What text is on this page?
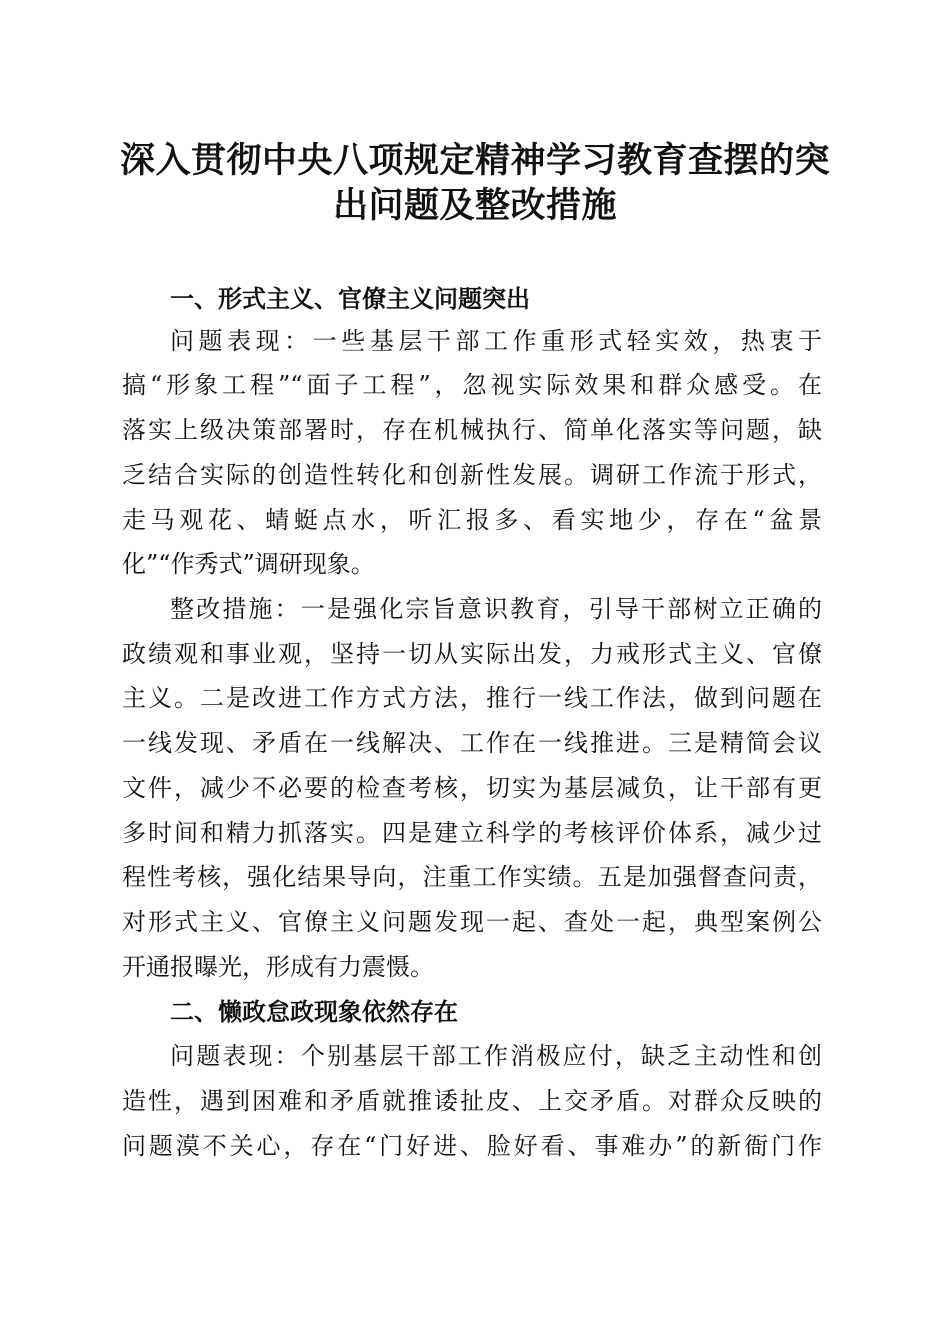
深入贯彻中央八项规定精神学习教育查摆的突
出问题及整改措施
一、形式主义、官僚主义问题突出
问题表现：一些基层干部工作重形式轻实效，热衷于
搞“形象工程”“面子工程”，忽视实际效果和群众感受。在
落实上级决策部署时，存在机械执行、简单化落实等问题，缺
乏结合实际的创造性转化和创新性发展。调研工作流于形式，
走马观花、蜻蜓点水，听汇报多、看实地少，存在“盆景
化”“作秀式”调研现象。
整改措施：一是强化宗旨意识教育，引导干部树立正确的
政绩观和事业观，坚持一切从实际出发，力戒形式主义、官僚
主义。二是改进工作方式方法，推行一线工作法，做到问题在
一线发现、矛盾在一线解决、工作在一线推进。三是精简会议
文件，减少不必要的检查考核，切实为基层减负，让干部有更
多时间和精力抓落实。四是建立科学的考核评价体系，减少过
程性考核，强化结果导向，注重工作实绩。五是加强督查问责，
对形式主义、官僚主义问题发现一起、查处一起，典型案例公
开通报曝光，形成有力震慑。
二、懒政怠政现象依然存在
问题表现：个别基层干部工作消极应付，缺乏主动性和创
造性，遇到困难和矛盾就推诿扯皮、上交矛盾。对群众反映的
问题漠不关心，存在“门好进、脸好看、事难办”的新衙门作
